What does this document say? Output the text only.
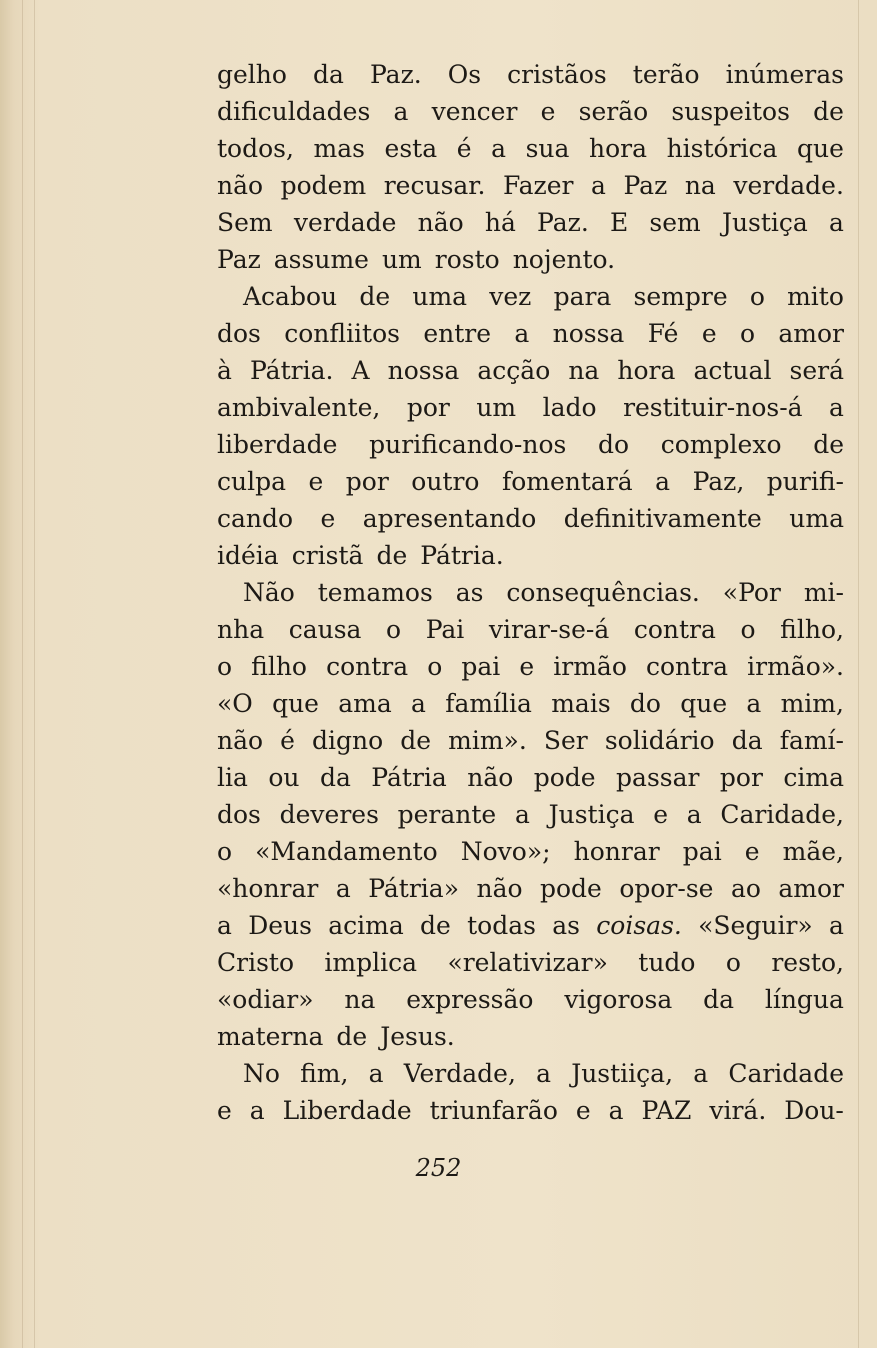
gelho da Paz. Os cristãos terão inúmeras
dificuldades a vencer e serão suspeitos de
todos, mas esta é a sua hora histórica que
não podem recusar. Fazer a Paz na verdade.
Sem verdade não há Paz. E sem Justiça a
Paz assume um rosto nojento.
Acabou de uma vez para sempre o mito
dos confliitos entre a nossa Fé e o amor
à Pátria. A nossa acção na hora actual será
ambivalente, por um lado restituir-nos-á a
liberdade purificando-nos do complexo de
culpa e por outro fomentará a Paz, purifi-
cando e apresentando definitivamente uma
idéia cristã de Pátria.
Não temamos as consequências. «Por mi-
nha causa o Pai virar-se-á contra o filho,
o filho contra o pai e irmão contra irmão».
«O que ama a família mais do que a mim,
não é digno de mim». Ser solidário da famí-
lia ou da Pátria não pode passar por cima
dos deveres perante a Justiça e a Caridade,
o «Mandamento Novo»; honrar pai e mãe,
«honrar a Pátria» não pode opor-se ao amor
a Deus acima de todas as coisas. «Seguir» a
Cristo implica «relativizar» tudo o resto,
«odiar» na expressão vigorosa da língua
materna de Jesus.
No fim, a Verdade, a Justiiça, a Caridade
e a Liberdade triunfarão e a PAZ virá. Dou-
252
